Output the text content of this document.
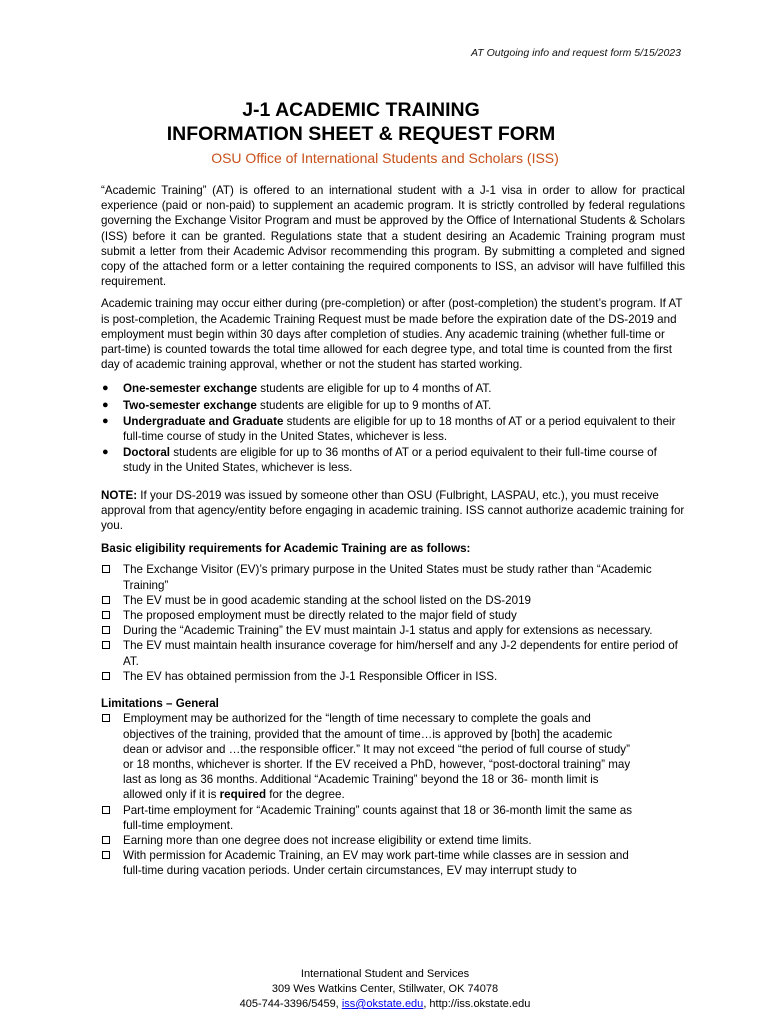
AT Outgoing info and request form 5/15/2023
J-1 ACADEMIC TRAINING
INFORMATION SHEET & REQUEST FORM
OSU Office of International Students and Scholars (ISS)

“Academic Training” (AT) is offered to an international student with a J-1 visa in order to allow for practical experience (paid or non-paid) to supplement an academic program. It is strictly controlled by federal regulations governing the Exchange Visitor Program and must be approved by the Office of International Students & Scholars (ISS) before it can be granted. Regulations state that a student desiring an Academic Training program must submit a letter from their Academic Advisor recommending this program. By submitting a completed and signed copy of the attached form or a letter containing the required components to ISS, an advisor will have fulfilled this requirement.

Academic training may occur either during (pre-completion) or after (post-completion) the student’s program. If AT is post-completion, the Academic Training Request must be made before the expiration date of the DS-2019 and employment must begin within 30 days after completion of studies. Any academic training (whether full-time or part-time) is counted towards the total time allowed for each degree type, and total time is counted from the first day of academic training approval, whether or not the student has started working.

● One-semester exchange students are eligible for up to 4 months of AT.
● Two-semester exchange students are eligible for up to 9 months of AT.
● Undergraduate and Graduate students are eligible for up to 18 months of AT or a period equivalent to their full-time course of study in the United States, whichever is less.
● Doctoral students are eligible for up to 36 months of AT or a period equivalent to their full-time course of study in the United States, whichever is less.

NOTE: If your DS-2019 was issued by someone other than OSU (Fulbright, LASPAU, etc.), you must receive approval from that agency/entity before engaging in academic training. ISS cannot authorize academic training for you.

Basic eligibility requirements for Academic Training are as follows:
The Exchange Visitor (EV)’s primary purpose in the United States must be study rather than “Academic Training”
The EV must be in good academic standing at the school listed on the DS-2019
The proposed employment must be directly related to the major field of study
During the “Academic Training” the EV must maintain J-1 status and apply for extensions as necessary.
The EV must maintain health insurance coverage for him/herself and any J-2 dependents for entire period of AT.
The EV has obtained permission from the J-1 Responsible Officer in ISS.
Limitations – General
Employment may be authorized for the “length of time necessary to complete the goals and objectives of the training, provided that the amount of time…is approved by [both] the academic dean or advisor and …the responsible officer.” It may not exceed “the period of full course of study” or 18 months, whichever is shorter. If the EV received a PhD, however, “post-doctoral training” may last as long as 36 months. Additional “Academic Training” beyond the 18 or 36- month limit is allowed only if it is required for the degree.
Part-time employment for “Academic Training” counts against that 18 or 36-month limit the same as full-time employment.
Earning more than one degree does not increase eligibility or extend time limits.
With permission for Academic Training, an EV may work part-time while classes are in session and full-time during vacation periods. Under certain circumstances, EV may interrupt study to
International Student and Services
309 Wes Watkins Center, Stillwater, OK 74078
405-744-3396/5459, iss@okstate.edu, http://iss.okstate.edu
